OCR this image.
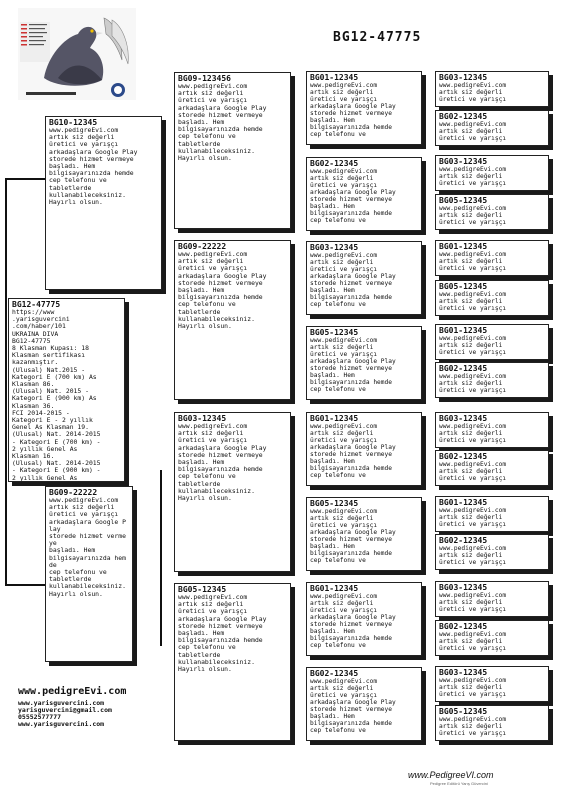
BG12-47775
BG12-47775
https://www
.yarisguvercini
.com/haber/101
UKRAINA DIVA
BG12-47775
8 Klasman Kupası: 18
Klasman sertifikası
kazanmıştır.
(Ulusal) Nat.2015 -
Kategori E (700 km) As
Klasman 86.
(Ulusal) Nat. 2015 -
Kategori E (900 km) As
Klasman 36.
FCI 2014-2015 -
Kategori E - 2 yıllık
Genel As Klasman 19.
(Ulusal) Nat. 2014-2015
- Kategori E (700 km) -
2 yıllık Genel As
Klasman 16.
(Ulusal) Nat. 2014-2015
- Kategori E (900 km) -
2 yıllık Genel As
BG10-12345
www.pedigreEvi.com
artık siz değerli
üretici ve yarışçı
arkadaşlara Google Play
storede hizmet vermeye
başladı. Hem
bilgisayarınızda hemde
cep telefonu ve
tabletlerde
kullanabileceksiniz.
Hayırlı olsun.
BG09-22222
www.pedigreEvi.com
artık siz değerli
üretici ve yarışçı
arkadaşlara Google Play
storede hizmet vermeye
başladı. Hem
bilgisayarınızda hemde
cep telefonu ve
tabletlerde
kullanabileceksiniz.
Hayırlı olsun.
BG09-123456
www.pedigreEvi.com
artık siz değerli
üretici ve yarışçı
arkadaşlara Google Play
storede hizmet vermeye
başladı. Hem
bilgisayarınızda hemde
cep telefonu ve
tabletlerde
kullanabileceksiniz.
Hayırlı olsun.
BG09-22222
www.pedigreEvi.com
artık siz değerli
üretici ve yarışçı
arkadaşlara Google Play
storede hizmet vermeye
başladı. Hem
bilgisayarınızda hemde
cep telefonu ve
tabletlerde
kullanabileceksiniz.
Hayırlı olsun.
BG03-12345
www.pedigreEvi.com
artık siz değerli
üretici ve yarışçı
arkadaşlara Google Play
storede hizmet vermeye
başladı. Hem
bilgisayarınızda hemde
cep telefonu ve
tabletlerde
kullanabileceksiniz.
Hayırlı olsun.
BG05-12345
www.pedigreEvi.com
artık siz değerli
üretici ve yarışçı
arkadaşlara Google Play
storede hizmet vermeye
başladı. Hem
bilgisayarınızda hemde
cep telefonu ve
tabletlerde
kullanabileceksiniz.
Hayırlı olsun.
BG01-12345
www.pedigreEvi.com
artık siz değerli
üretici ve yarışçı
arkadaşlara Google Play
storede hizmet vermeye
başladı. Hem
bilgisayarınızda hemde
cep telefonu ve
BG02-12345
www.pedigreEvi.com
artık siz değerli
üretici ve yarışçı
arkadaşlara Google Play
storede hizmet vermeye
başladı. Hem
bilgisayarınızda hemde
cep telefonu ve
BG03-12345
www.pedigreEvi.com
artık siz değerli
üretici ve yarışçı
arkadaşlara Google Play
storede hizmet vermeye
başladı. Hem
bilgisayarınızda hemde
cep telefonu ve
BG05-12345
www.pedigreEvi.com
artık siz değerli
üretici ve yarışçı
arkadaşlara Google Play
storede hizmet vermeye
başladı. Hem
bilgisayarınızda hemde
cep telefonu ve
BG01-12345
www.pedigreEvi.com
artık siz değerli
üretici ve yarışçı
arkadaşlara Google Play
storede hizmet vermeye
başladı. Hem
bilgisayarınızda hemde
cep telefonu ve
BG05-12345
www.pedigreEvi.com
artık siz değerli
üretici ve yarışçı
arkadaşlara Google Play
storede hizmet vermeye
başladı. Hem
bilgisayarınızda hemde
cep telefonu ve
BG01-12345
www.pedigreEvi.com
artık siz değerli
üretici ve yarışçı
arkadaşlara Google Play
storede hizmet vermeye
başladı. Hem
bilgisayarınızda hemde
cep telefonu ve
BG02-12345
www.pedigreEvi.com
artık siz değerli
üretici ve yarışçı
arkadaşlara Google Play
storede hizmet vermeye
başladı. Hem
bilgisayarınızda hemde
cep telefonu ve
BG03-12345
www.pedigreEvi.com
artık siz değerli
üretici ve yarışçı
BG02-12345
www.pedigreEvi.com
artık siz değerli
üretici ve yarışçı
BG03-12345
www.pedigreEvi.com
artık siz değerli
üretici ve yarışçı
BG05-12345
www.pedigreEvi.com
artık siz değerli
üretici ve yarışçı
BG01-12345
www.pedigreEvi.com
artık siz değerli
üretici ve yarışçı
BG05-12345
www.pedigreEvi.com
artık siz değerli
üretici ve yarışçı
BG01-12345
www.pedigreEvi.com
artık siz değerli
üretici ve yarışçı
BG02-12345
www.pedigreEvi.com
artık siz değerli
üretici ve yarışçı
BG03-12345
www.pedigreEvi.com
artık siz değerli
üretici ve yarışçı
BG02-12345
www.pedigreEvi.com
artık siz değerli
üretici ve yarışçı
BG01-12345
www.pedigreEvi.com
artık siz değerli
üretici ve yarışçı
BG02-12345
www.pedigreEvi.com
artık siz değerli
üretici ve yarışçı
BG03-12345
www.pedigreEvi.com
artık siz değerli
üretici ve yarışçı
BG02-12345
www.pedigreEvi.com
artık siz değerli
üretici ve yarışçı
BG03-12345
www.pedigreEvi.com
artık siz değerli
üretici ve yarışçı
BG05-12345
www.pedigreEvi.com
artık siz değerli
üretici ve yarışçı
www.pedigreEvi.com
www.yarisguvercini.com
yarisguvercini@gmail.com
05552577777
www.yarisguvercini.com
www.PedigreeVI.com
Pedigree Editörü Yarış Güvercini
